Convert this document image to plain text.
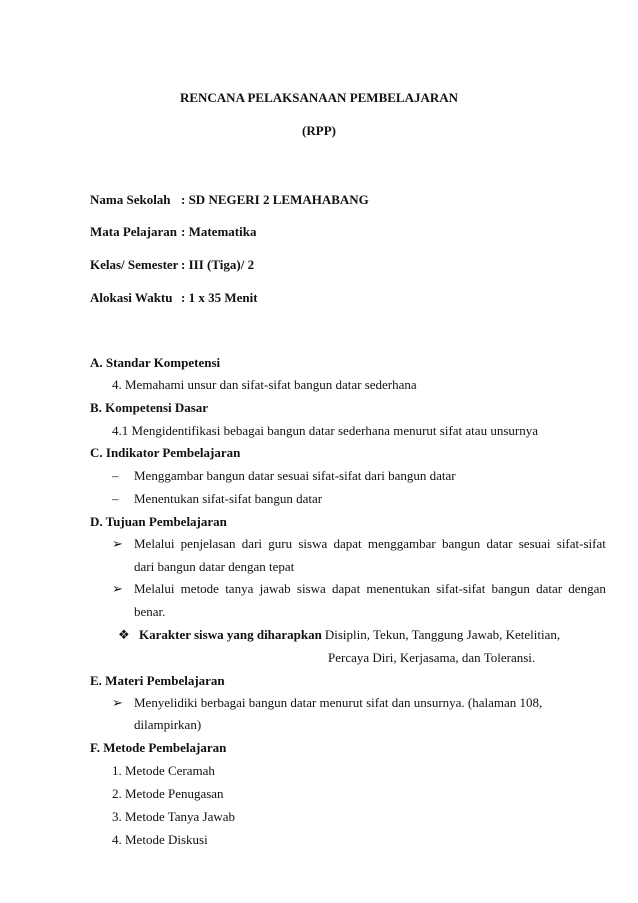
RENCANA PELAKSANAAN PEMBELAJARAN
(RPP)
Nama Sekolah : SD NEGERI 2 LEMAHABANG
Mata Pelajaran : Matematika
Kelas/ Semester : III (Tiga)/ 2
Alokasi Waktu : 1 x 35 Menit
A. Standar Kompetensi
4. Memahami unsur dan sifat-sifat bangun datar sederhana
B. Kompetensi Dasar
4.1 Mengidentifikasi bebagai bangun datar sederhana menurut sifat atau unsurnya
C. Indikator Pembelajaran
– Menggambar bangun datar sesuai sifat-sifat dari bangun datar
– Menentukan sifat-sifat bangun datar
D. Tujuan Pembelajaran
➢ Melalui penjelasan dari guru siswa dapat menggambar bangun datar sesuai sifat-sifat
dari bangun datar dengan tepat
➢ Melalui metode tanya jawab siswa dapat menentukan sifat-sifat bangun datar dengan
benar.
❖ Karakter siswa yang diharapkan
: Disiplin, Tekun, Tanggung Jawab, Ketelitian,
Percaya Diri, Kerjasama, dan Toleransi.
E. Materi Pembelajaran
➢ Menyelidiki berbagai bangun datar menurut sifat dan unsurnya. (halaman 108,
dilampirkan)
F. Metode Pembelajaran
1. Metode Ceramah
2. Metode Penugasan
3. Metode Tanya Jawab
4. Metode Diskusi
